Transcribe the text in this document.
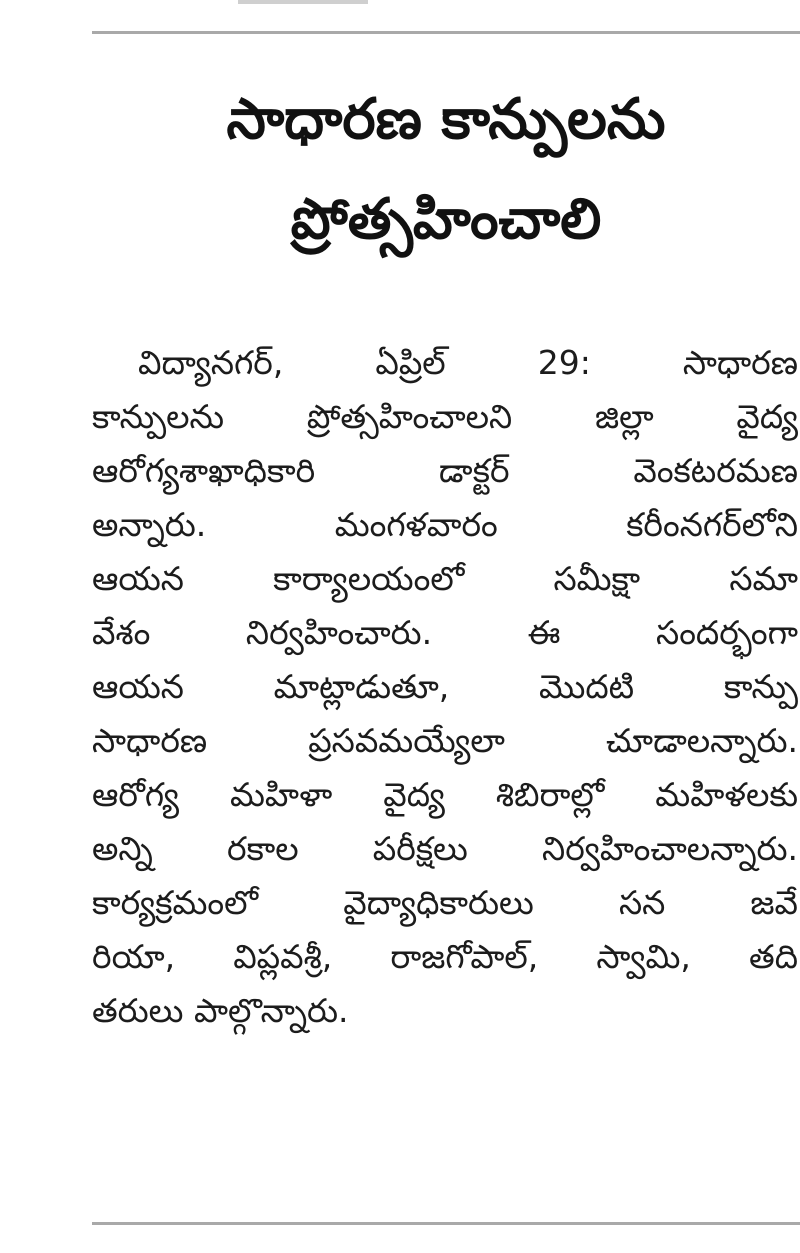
సాధారణ కాన్పులను
ప్రోత్సహించాలి
విద్యానగర్, ఏప్రిల్ 29: సాధారణ
కాన్పులను ప్రోత్సహించాలని జిల్లా వైద్య
ఆరోగ్యశాఖాధికారి డాక్టర్ వెంకటరమణ
అన్నారు. మంగళవారం కరీంనగర్‌లోని
ఆయన కార్యాలయంలో సమీక్షా సమా
వేశం నిర్వహించారు. ఈ సందర్భంగా
ఆయన మాట్లాడుతూ, మొదటి కాన్పు
సాధారణ ప్రసవమయ్యేలా చూడాలన్నారు.
ఆరోగ్య మహిళా వైద్య శిబిరాల్లో మహిళలకు
అన్ని రకాల పరీక్షలు నిర్వహించాలన్నారు.
కార్యక్రమంలో వైద్యాధికారులు సన జవే
రియా, విప్లవశ్రీ, రాజగోపాల్, స్వామి, తది
తరులు పాల్గొన్నారు.
